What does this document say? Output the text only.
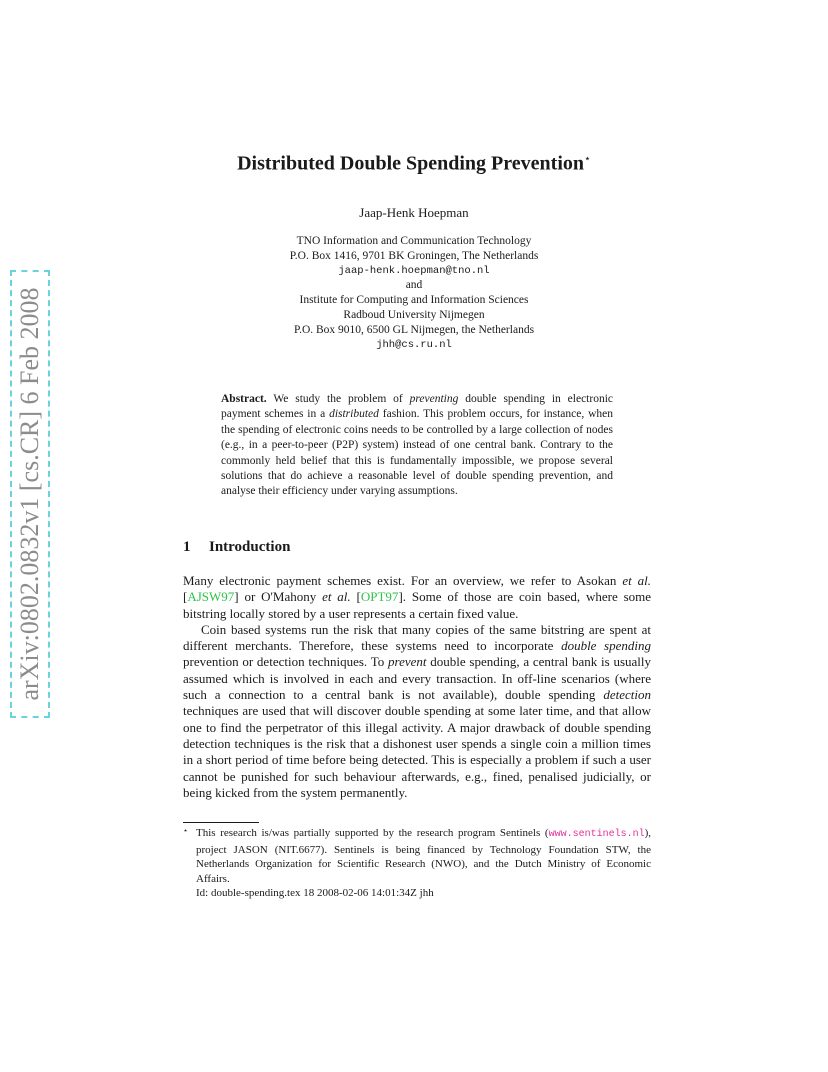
arXiv:0802.0832v1 [cs.CR] 6 Feb 2008
Distributed Double Spending Prevention⋆
Jaap-Henk Hoepman
TNO Information and Communication Technology
P.O. Box 1416, 9701 BK Groningen, The Netherlands
jaap-henk.hoepman@tno.nl
and
Institute for Computing and Information Sciences
Radboud University Nijmegen
P.O. Box 9010, 6500 GL Nijmegen, the Netherlands
jhh@cs.ru.nl
Abstract. We study the problem of preventing double spending in electronic payment schemes in a distributed fashion. This problem occurs, for instance, when the spending of electronic coins needs to be controlled by a large collection of nodes (e.g., in a peer-to-peer (P2P) system) instead of one central bank. Contrary to the commonly held belief that this is fundamentally impossible, we propose several solutions that do achieve a reasonable level of double spending prevention, and analyse their efficiency under varying assumptions.
1 Introduction

Many electronic payment schemes exist. For an overview, we refer to Asokan et al. [AJSW97] or O'Mahony et al. [OPT97]. Some of those are coin based, where some bitstring locally stored by a user represents a certain fixed value.

Coin based systems run the risk that many copies of the same bitstring are spent at different merchants. Therefore, these systems need to incorporate double spending prevention or detection techniques. To prevent double spending, a central bank is usually assumed which is involved in each and every transaction. In off-line scenarios (where such a connection to a central bank is not available), double spending detection techniques are used that will discover double spending at some later time, and that allow one to find the perpetrator of this illegal activity. A major drawback of double spending detection techniques is the risk that a dishonest user spends a single coin a million times in a short period of time before being detected. This is especially a problem if such a user cannot be punished for such behaviour afterwards, e.g., fined, penalised judicially, or being kicked from the system permanently.

⋆ This research is/was partially supported by the research program Sentinels (www.sentinels.nl), project JASON (NIT.6677). Sentinels is being financed by Technology Foundation STW, the Netherlands Organization for Scientific Research (NWO), and the Dutch Ministry of Economic Affairs.
Id: double-spending.tex 18 2008-02-06 14:01:34Z jhh
